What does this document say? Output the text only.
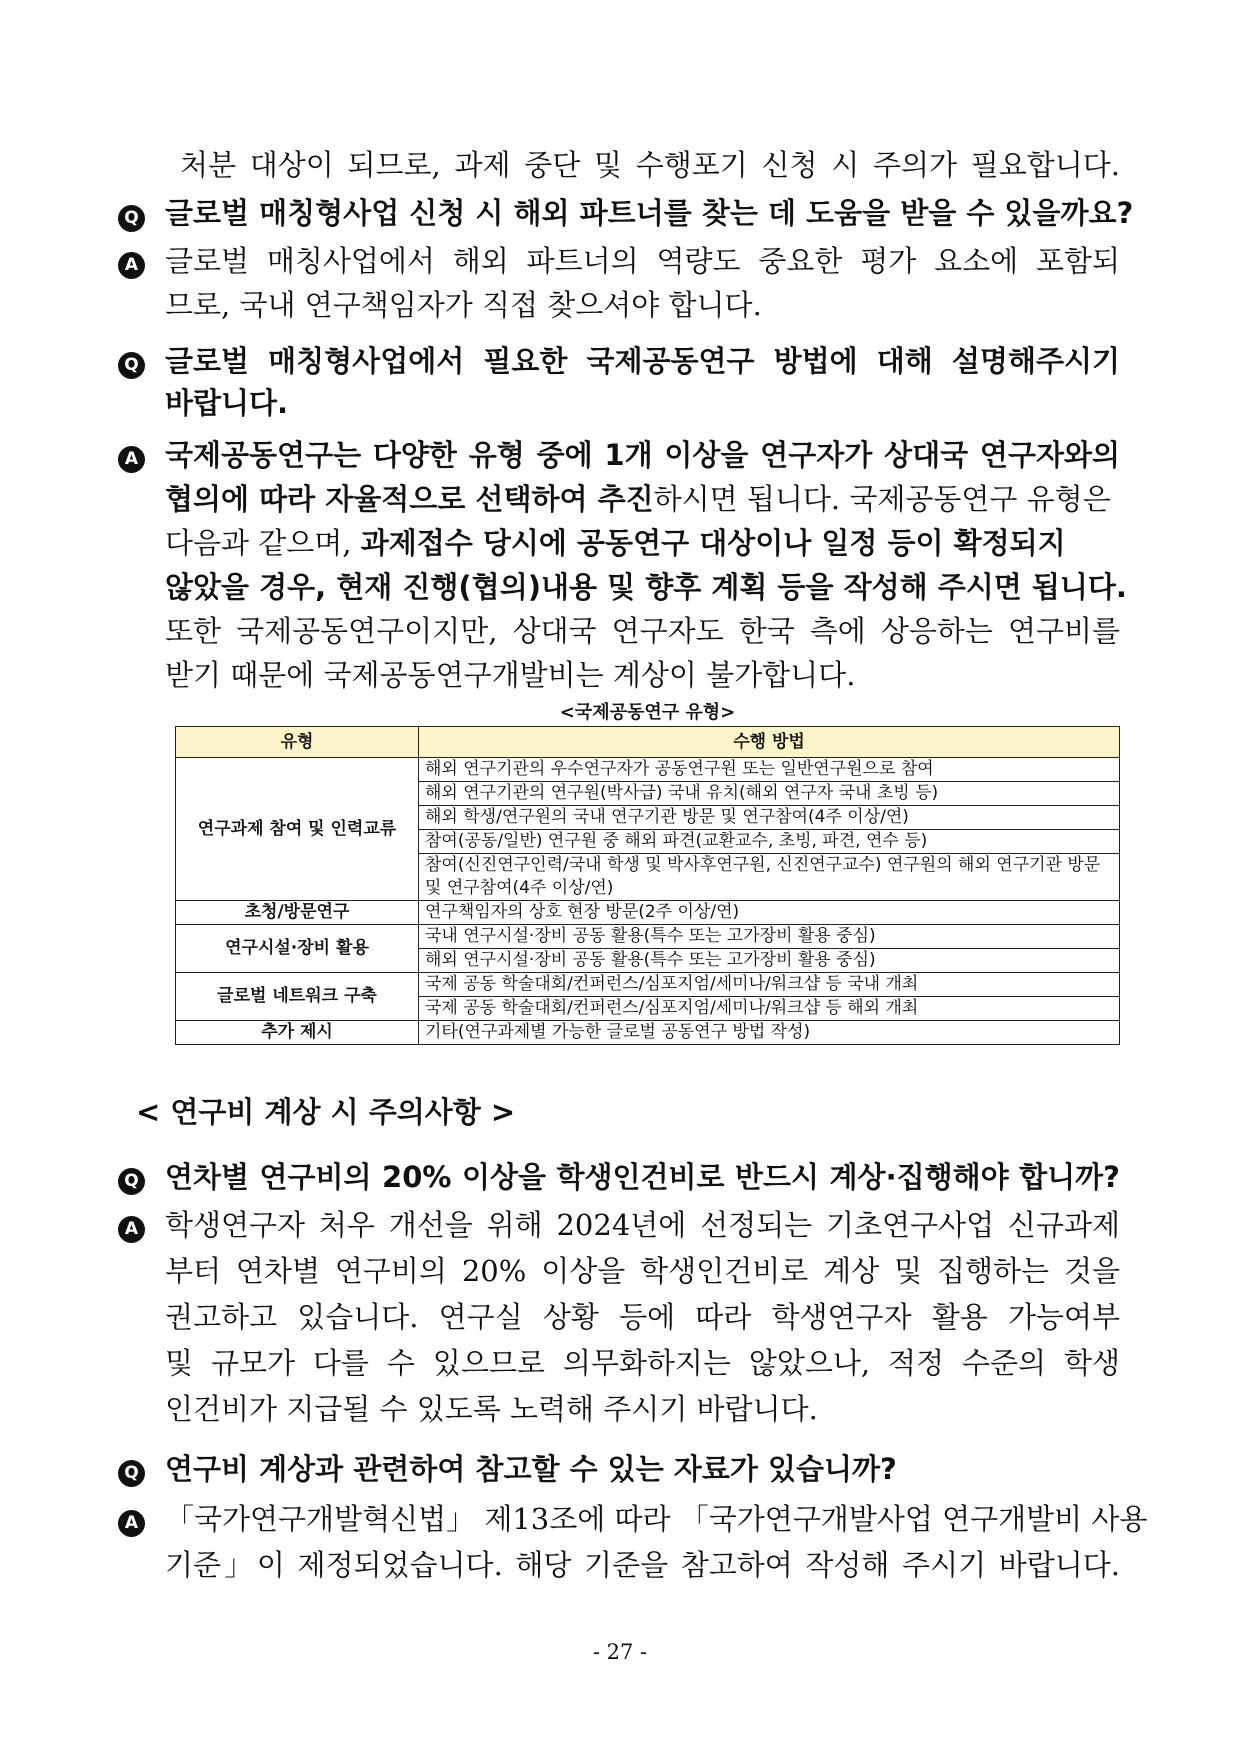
처분 대상이 되므로, 과제 중단 및 수행포기 신청 시 주의가 필요합니다.
Q 글로벌 매칭형사업 신청 시 해외 파트너를 찾는 데 도움을 받을 수 있을까요?
A 글로벌 매칭사업에서 해외 파트너의 역량도 중요한 평가 요소에 포함되
므로, 국내 연구책임자가 직접 찾으셔야 합니다.
Q 글로벌 매칭형사업에서 필요한 국제공동연구 방법에 대해 설명해주시기
바랍니다.
A 국제공동연구는 다양한 유형 중에 1개 이상을 연구자가 상대국 연구자와의
협의에 따라 자율적으로 선택하여 추진하시면 됩니다. 국제공동연구 유형은
다음과 같으며, 과제접수 당시에 공동연구 대상이나 일정 등이 확정되지
않았을 경우, 현재 진행(협의)내용 및 향후 계획 등을 작성해 주시면 됩니다.
또한 국제공동연구이지만, 상대국 연구자도 한국 측에 상응하는 연구비를
받기 때문에 국제공동연구개발비는 계상이 불가합니다.
<국제공동연구 유형>
유형	수행 방법
연구과제 참여 및 인력교류	해외 연구기관의 우수연구자가 공동연구원 또는 일반연구원으로 참여
	해외 연구기관의 연구원(박사급) 국내 유치(해외 연구자 국내 초빙 등)
	해외 학생/연구원의 국내 연구기관 방문 및 연구참여(4주 이상/연)
	참여(공동/일반) 연구원 중 해외 파견(교환교수, 초빙, 파견, 연수 등)
	참여(신진연구인력/국내 학생 및 박사후연구원, 신진연구교수) 연구원의 해외 연구기관 방문 및 연구참여(4주 이상/연)
초청/방문연구	연구책임자의 상호 현장 방문(2주 이상/연)
연구시설·장비 활용	국내 연구시설·장비 공동 활용(특수 또는 고가장비 활용 중심)
	해외 연구시설·장비 공동 활용(특수 또는 고가장비 활용 중심)
글로벌 네트워크 구축	국제 공동 학술대회/컨퍼런스/심포지엄/세미나/워크샵 등 국내 개최
	국제 공동 학술대회/컨퍼런스/심포지엄/세미나/워크샵 등 해외 개최
추가 제시	기타(연구과제별 가능한 글로벌 공동연구 방법 작성)
< 연구비 계상 시 주의사항 >
Q 연차별 연구비의 20% 이상을 학생인건비로 반드시 계상·집행해야 합니까?
A 학생연구자 처우 개선을 위해 2024년에 선정되는 기초연구사업 신규과제
부터 연차별 연구비의 20% 이상을 학생인건비로 계상 및 집행하는 것을
권고하고 있습니다. 연구실 상황 등에 따라 학생연구자 활용 가능여부
및 규모가 다를 수 있으므로 의무화하지는 않았으나, 적정 수준의 학생
인건비가 지급될 수 있도록 노력해 주시기 바랍니다.
Q 연구비 계상과 관련하여 참고할 수 있는 자료가 있습니까?
A 「국가연구개발혁신법」 제13조에 따라 「국가연구개발사업 연구개발비 사용
기준」이 제정되었습니다. 해당 기준을 참고하여 작성해 주시기 바랍니다.
- 27 -
